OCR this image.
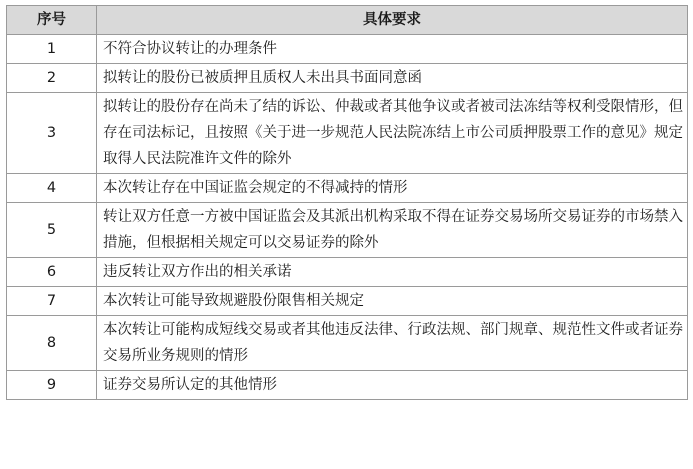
序号	具体要求
1	不符合协议转让的办理条件
2	拟转让的股份已被质押且质权人未出具书面同意函
3	拟转让的股份存在尚未了结的诉讼、仲裁或者其他争议或者被司法冻结等权利受限情形，但存在司法标记，且按照《关于进一步规范人民法院冻结上市公司质押股票工作的意见》规定取得人民法院准许文件的除外
4	本次转让存在中国证监会规定的不得减持的情形
5	转让双方任意一方被中国证监会及其派出机构采取不得在证券交易场所交易证券的市场禁入措施，但根据相关规定可以交易证券的除外
6	违反转让双方作出的相关承诺
7	本次转让可能导致规避股份限售相关规定
8	本次转让可能构成短线交易或者其他违反法律、行政法规、部门规章、规范性文件或者证券交易所业务规则的情形
9	证券交易所认定的其他情形
